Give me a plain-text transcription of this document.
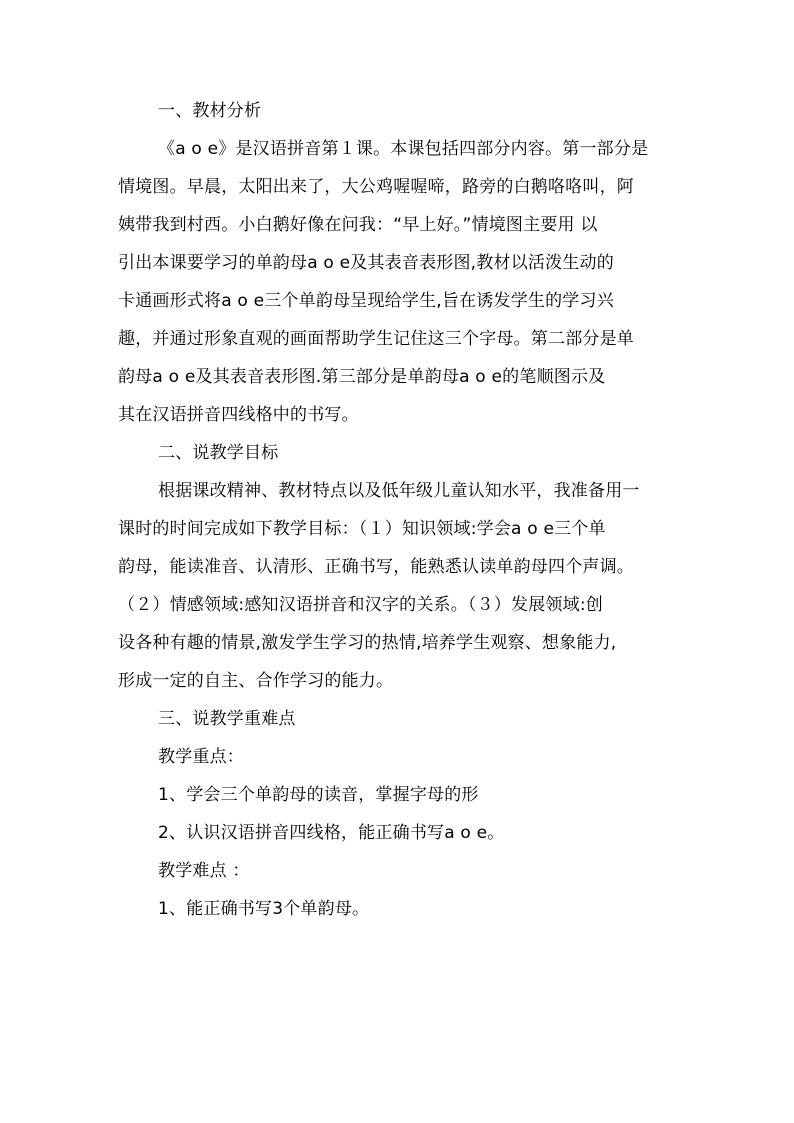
一、教材分析
《a o e》是汉语拼音第１课。本课包括四部分内容。第一部分是
情境图。早晨，太阳出来了，大公鸡喔喔啼，路旁的白鹅咯咯叫，阿
姨带我到村西。小白鹅好像在问我：“早上好。”情境图主要用 以
引出本课要学习的单韵母a o e及其表音表形图,教材以活泼生动的
卡通画形式将a o e三个单韵母呈现给学生,旨在诱发学生的学习兴
趣，并通过形象直观的画面帮助学生记住这三个字母。第二部分是单
韵母a o e及其表音表形图.第三部分是单韵母a o e的笔顺图示及
其在汉语拼音四线格中的书写。
二、说教学目标
根据课改精神、教材特点以及低年级儿童认知水平，我准备用一
课时的时间完成如下教学目标：（１）知识领域:学会a o e三个单
韵母，能读准音、认清形、正确书写，能熟悉认读单韵母四个声调。
（２）情感领域:感知汉语拼音和汉字的关系。（３）发展领域:创
设各种有趣的情景,激发学生学习的热情,培养学生观察、想象能力,
形成一定的自主、合作学习的能力。
三、说教学重难点
教学重点：
1、学会三个单韵母的读音，掌握字母的形
2、认识汉语拼音四线格，能正确书写a o e。
教学难点 ：
1、能正确书写3个单韵母。
